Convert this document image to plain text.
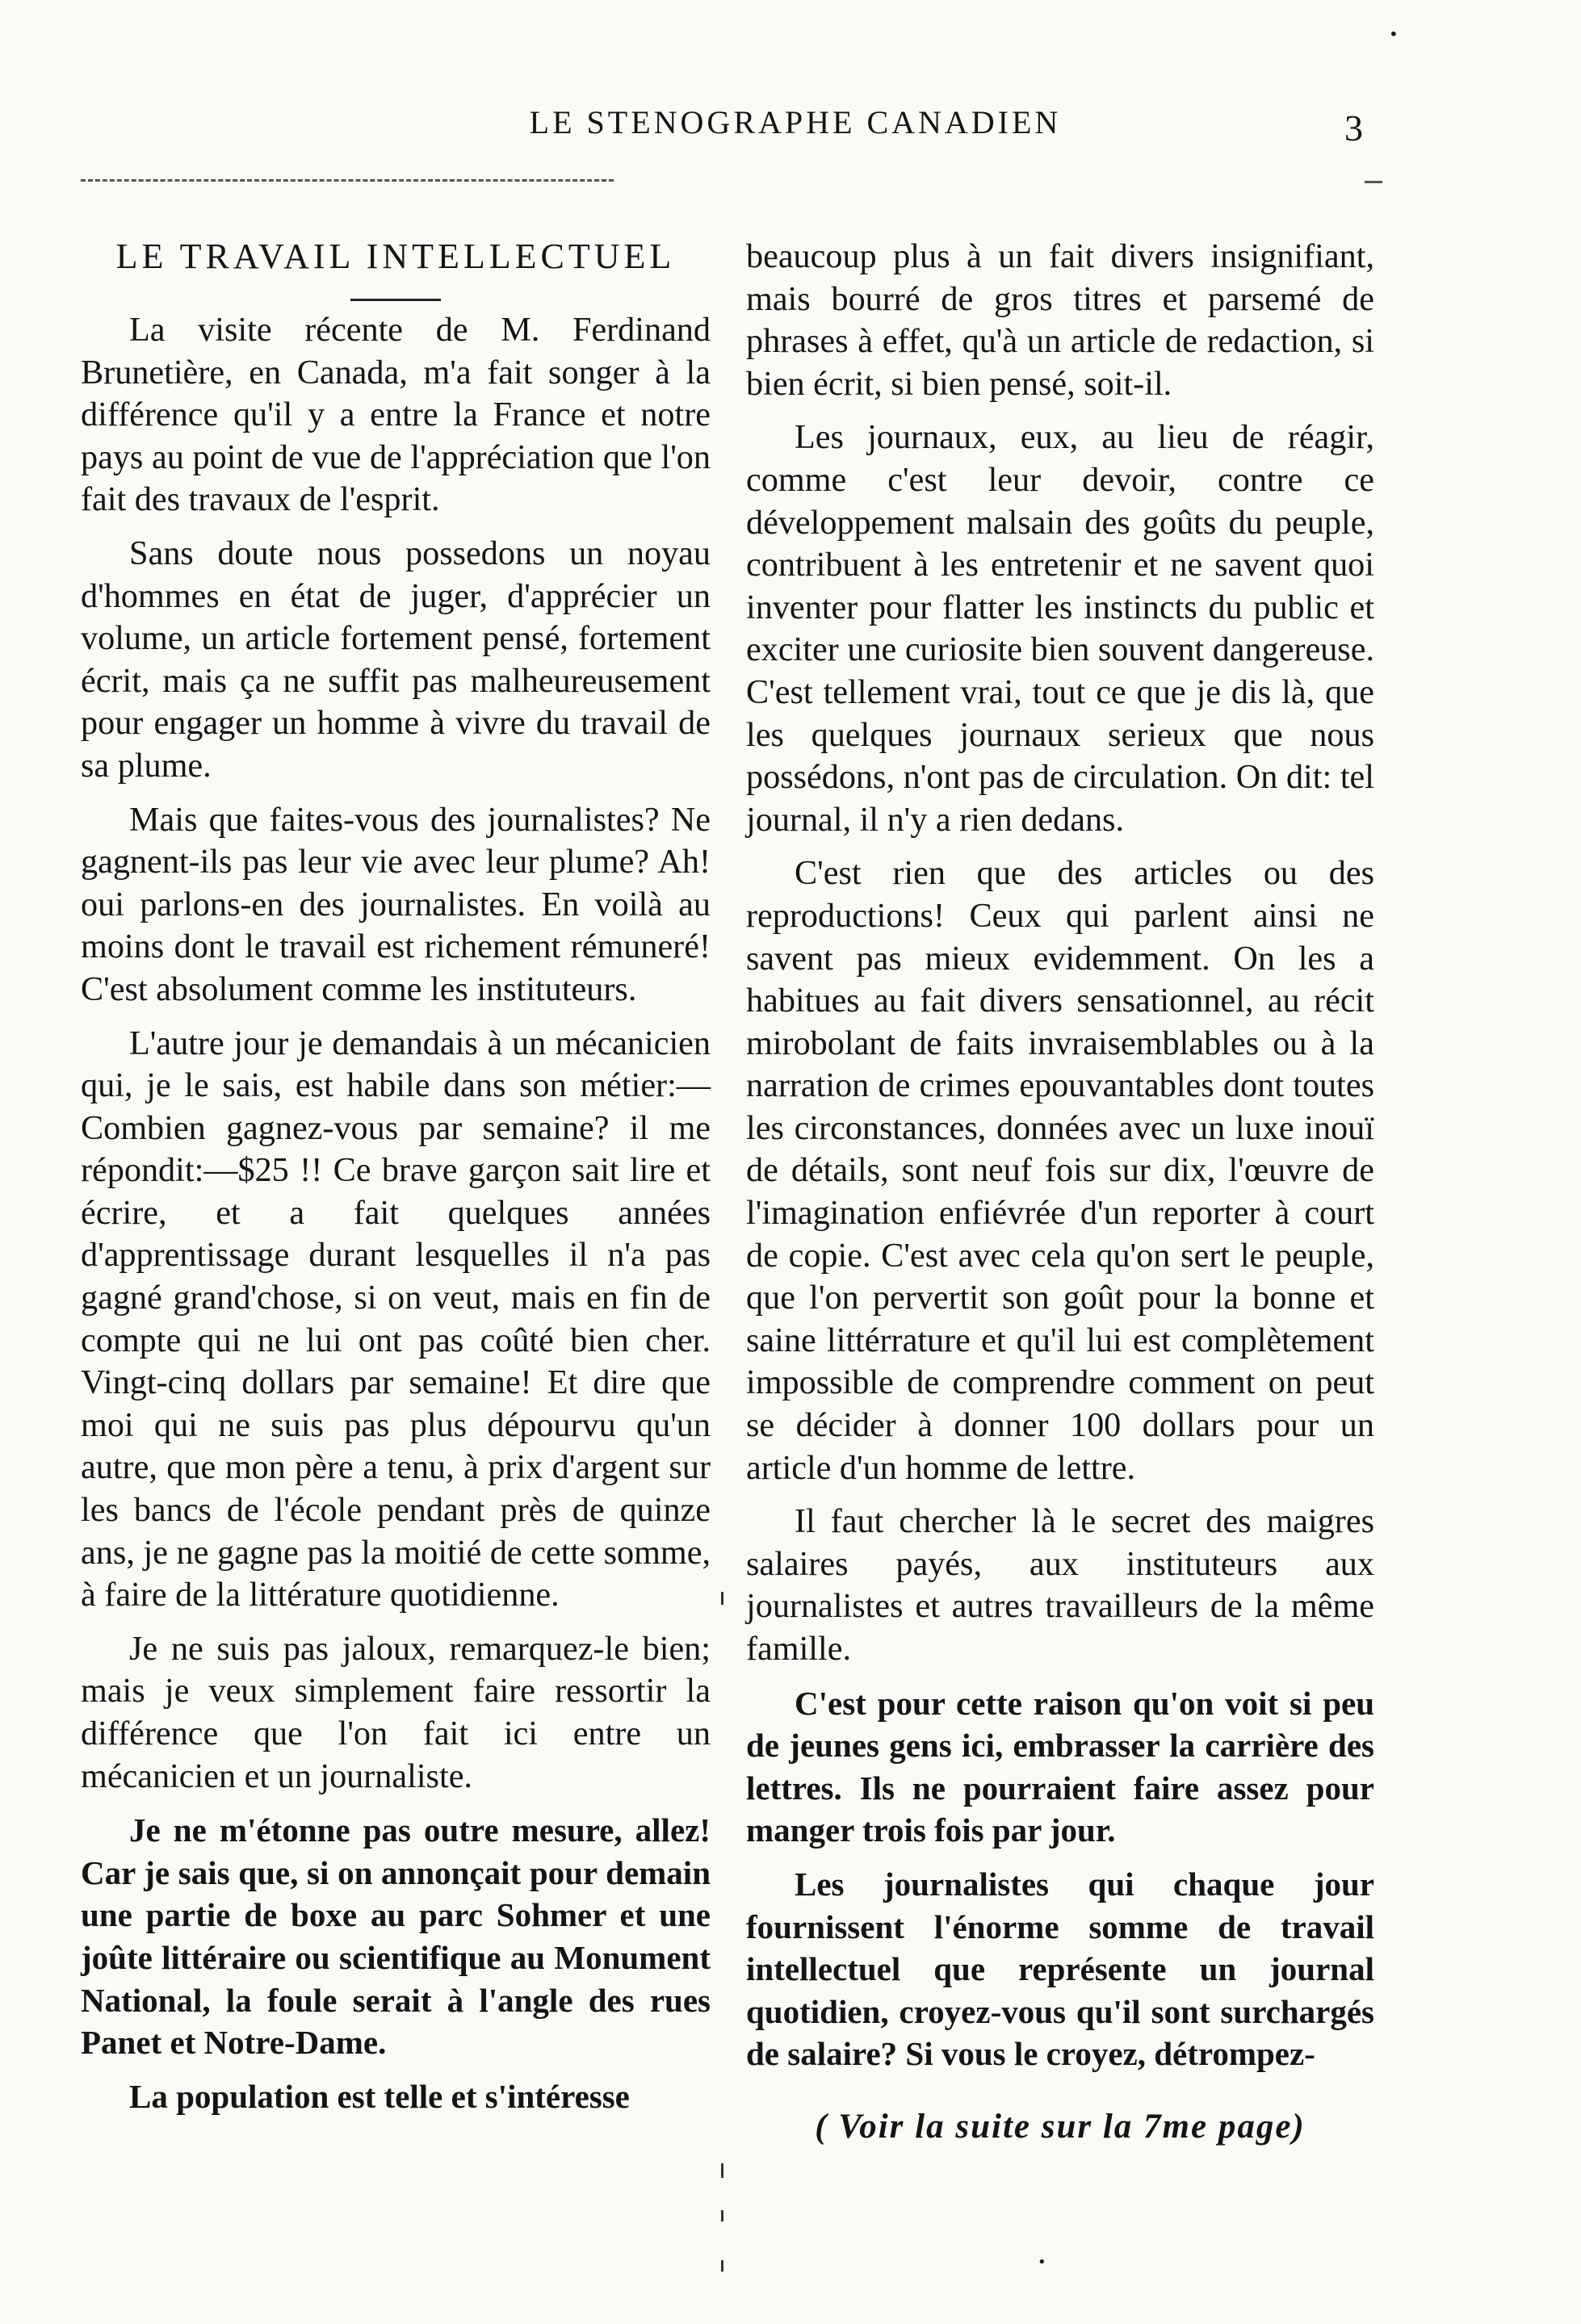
•
LE STENOGRAPHE CANADIEN	3
LE TRAVAIL INTELLECTUEL

La visite récente de M. Ferdinand Brunetière, en Canada, m'a fait songer à la différence qu'il y a entre la France et notre pays au point de vue de l'appréciation que l'on fait des travaux de l'esprit.

Sans doute nous possedons un noyau d'hommes en état de juger, d'apprécier un volume, un article fortement pensé, fortement écrit, mais ça ne suffit pas malheureusement pour engager un homme à vivre du travail de sa plume.

Mais que faites-vous des journalistes? Ne gagnent-ils pas leur vie avec leur plume? Ah! oui parlons-en des journalistes. En voilà au moins dont le travail est richement rémuneré! C'est absolument comme les instituteurs.

L'autre jour je demandais à un mécanicien qui, je le sais, est habile dans son métier:—Combien gagnez-vous par semaine? il me répondit:—$25 !! Ce brave garçon sait lire et écrire, et a fait quelques années d'apprentissage durant lesquelles il n'a pas gagné grand'chose, si on veut, mais en fin de compte qui ne lui ont pas coûté bien cher. Vingt-cinq dollars par semaine! Et dire que moi qui ne suis pas plus dépourvu qu'un autre, que mon père a tenu, à prix d'argent sur les bancs de l'école pendant près de quinze ans, je ne gagne pas la moitié de cette somme, à faire de la littérature quotidienne.

Je ne suis pas jaloux, remarquez-le bien; mais je veux simplement faire ressortir la différence que l'on fait ici entre un mécanicien et un journaliste.

Je ne m'étonne pas outre mesure, allez! Car je sais que, si on annonçait pour demain une partie de boxe au parc Sohmer et une joûte littéraire ou scientifique au Monument National, la foule serait à l'angle des rues Panet et Notre-Dame.

La population est telle et s'intéresse

beaucoup plus à un fait divers insignifiant, mais bourré de gros titres et parsemé de phrases à effet, qu'à un article de redaction, si bien écrit, si bien pensé, soit-il.

Les journaux, eux, au lieu de réagir, comme c'est leur devoir, contre ce développement malsain des goûts du peuple, contribuent à les entretenir et ne savent quoi inventer pour flatter les instincts du public et exciter une curiosite bien souvent dangereuse. C'est tellement vrai, tout ce que je dis là, que les quelques journaux serieux que nous possédons, n'ont pas de circulation. On dit: tel journal, il n'y a rien dedans.

C'est rien que des articles ou des reproductions! Ceux qui parlent ainsi ne savent pas mieux evidemment. On les a habitues au fait divers sensationnel, au récit mirobolant de faits invraisemblables ou à la narration de crimes epouvantables dont toutes les circonstances, données avec un luxe inouï de détails, sont neuf fois sur dix, l'œuvre de l'imagination enfiévrée d'un reporter à court de copie. C'est avec cela qu'on sert le peuple, que l'on pervertit son goût pour la bonne et saine littérrature et qu'il lui est complètement impossible de comprendre comment on peut se décider à donner 100 dollars pour un article d'un homme de lettre.

Il faut chercher là le secret des maigres salaires payés, aux instituteurs aux journalistes et autres travailleurs de la même famille.

C'est pour cette raison qu'on voit si peu de jeunes gens ici, embrasser la carrière des lettres. Ils ne pourraient faire assez pour manger trois fois par jour.

Les journalistes qui chaque jour fournissent l'énorme somme de travail intellectuel que représente un journal quotidien, croyez-vous qu'il sont surchargés de salaire? Si vous le croyez, détrompez-

( Voir la suite sur la 7me page)
•
